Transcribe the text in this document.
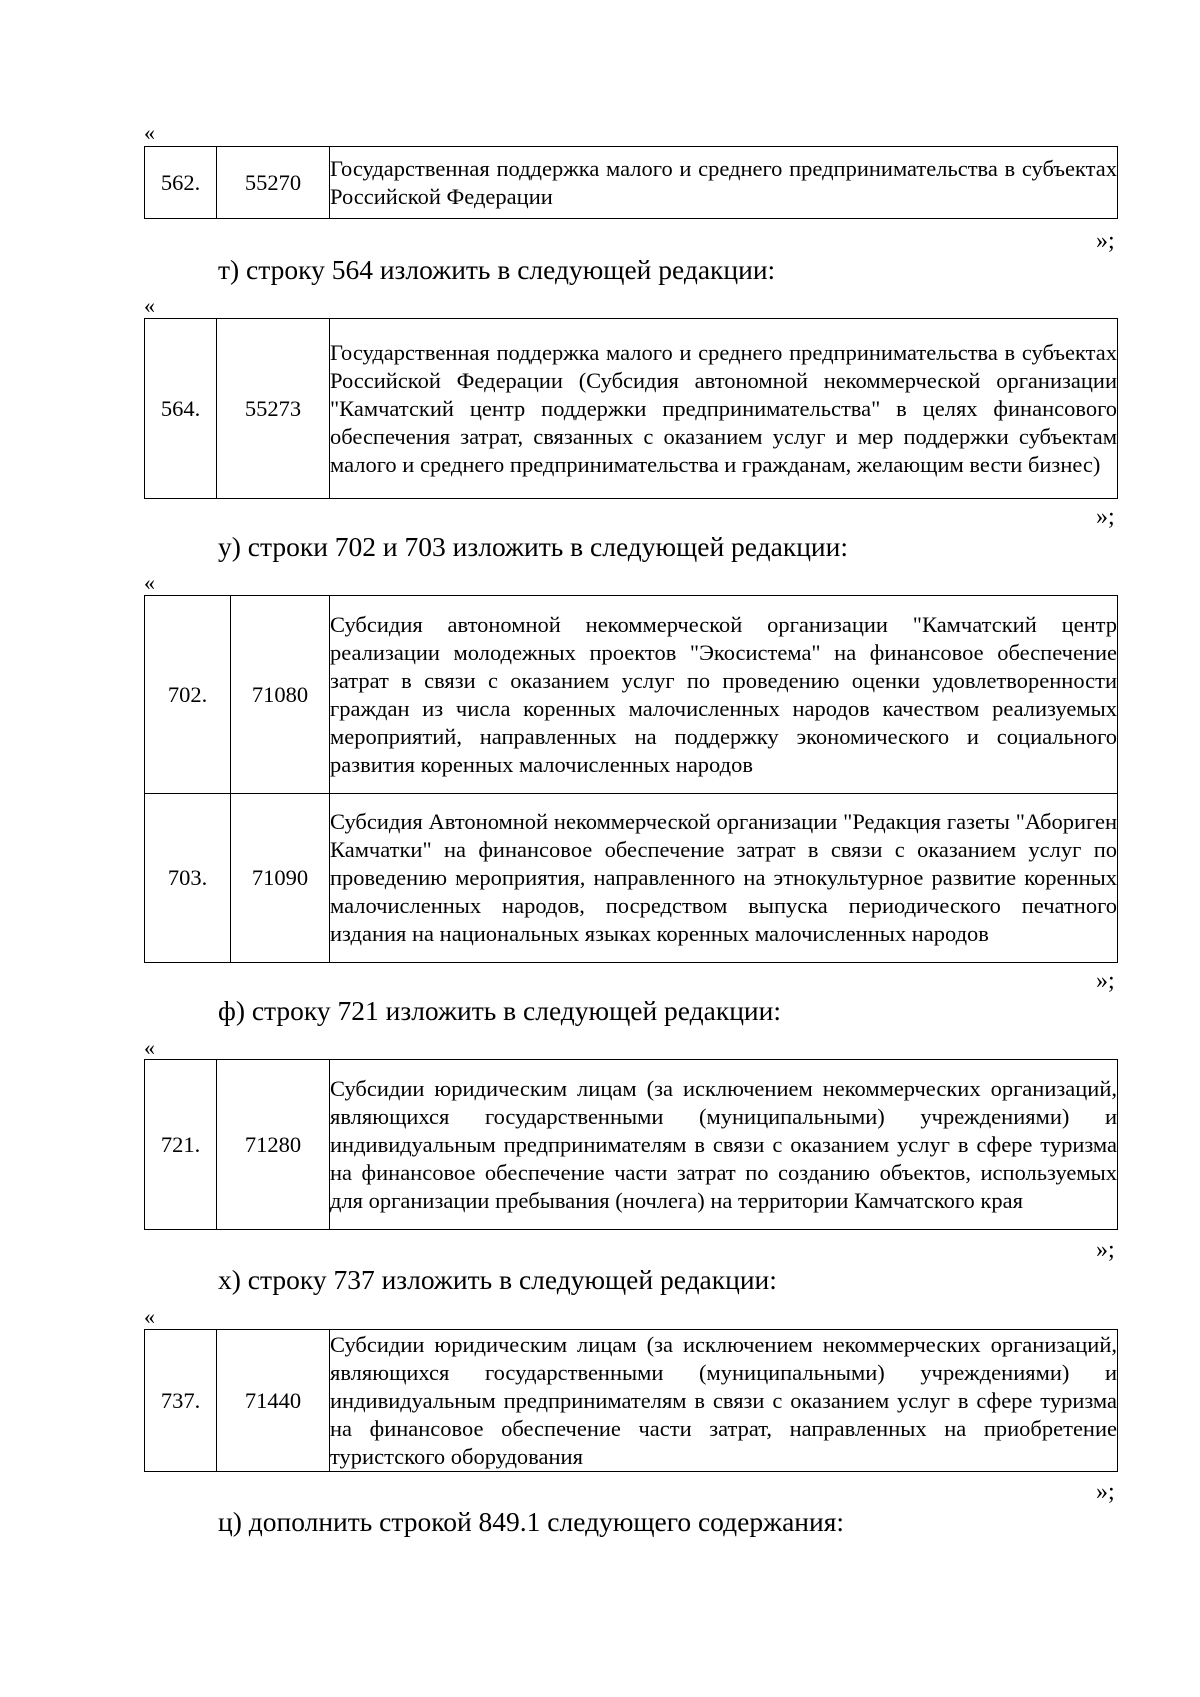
«
562.	55270	Государственная поддержка малого и среднего предпринимательства в субъектах Российской Федерации
»;
т) строку 564 изложить в следующей редакции:
«
564.	55273	Государственная поддержка малого и среднего предпринимательства в субъектах Российской Федерации (Субсидия автономной некоммерческой организации "Камчатский центр поддержки предпринимательства" в целях финансового обеспечения затрат, связанных с оказанием услуг и мер поддержки субъектам малого и среднего предпринимательства и гражданам, желающим вести бизнес)
»;
у) строки 702 и 703 изложить в следующей редакции:
«
702.	71080	Субсидия автономной некоммерческой организации "Камчатский центр реализации молодежных проектов "Экосистема" на финансовое обеспечение затрат в связи с оказанием услуг по проведению оценки удовлетворенности граждан из числа коренных малочисленных народов качеством реализуемых мероприятий, направленных на поддержку экономического и социального развития коренных малочисленных народов
703.	71090	Субсидия Автономной некоммерческой организации "Редакция газеты "Абориген Камчатки" на финансовое обеспечение затрат в связи с оказанием услуг по проведению мероприятия, направленного на этнокультурное развитие коренных малочисленных народов, посредством выпуска периодического печатного издания на национальных языках коренных малочисленных народов
»;
ф) строку 721 изложить в следующей редакции:
«
721.	71280	Субсидии юридическим лицам (за исключением некоммерческих организаций, являющихся государственными (муниципальными) учреждениями) и индивидуальным предпринимателям в связи с оказанием услуг в сфере туризма на финансовое обеспечение части затрат по созданию объектов, используемых для организации пребывания (ночлега) на территории Камчатского края
»;
х) строку 737 изложить в следующей редакции:
«
737.	71440	Субсидии юридическим лицам (за исключением некоммерческих организаций, являющихся государственными (муниципальными) учреждениями) и индивидуальным предпринимателям в связи с оказанием услуг в сфере туризма на финансовое обеспечение части затрат, направленных на приобретение туристского оборудования
»;
ц) дополнить строкой 849.1 следующего содержания:
